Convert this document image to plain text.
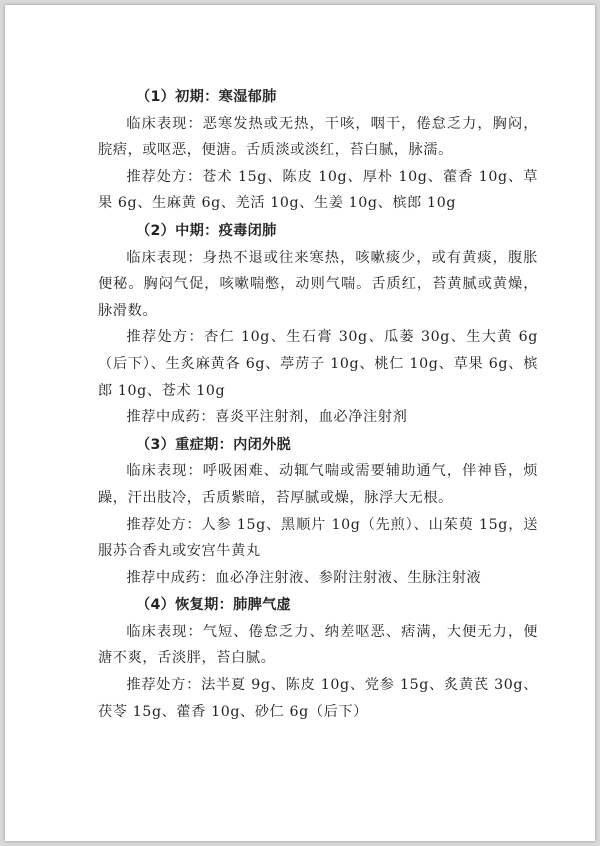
（1）初期：寒湿郁肺
临床表现：恶寒发热或无热，干咳，咽干，倦怠乏力，胸闷，脘痞，或呕恶，便溏。舌质淡或淡红，苔白腻，脉濡。
推荐处方：苍术 15g、陈皮 10g、厚朴 10g、藿香 10g、草果 6g、生麻黄 6g、羌活 10g、生姜 10g、槟郎 10g
（2）中期：疫毒闭肺
临床表现：身热不退或往来寒热，咳嗽痰少，或有黄痰，腹胀便秘。胸闷气促，咳嗽喘憋，动则气喘。舌质红，苔黄腻或黄燥，脉滑数。
推荐处方：杏仁 10g、生石膏 30g、瓜蒌 30g、生大黄 6g（后下）、生炙麻黄各 6g、葶苈子 10g、桃仁 10g、草果 6g、槟郎 10g、苍术 10g
推荐中成药：喜炎平注射剂，血必净注射剂
（3）重症期：内闭外脱
临床表现：呼吸困难、动辄气喘或需要辅助通气，伴神昏，烦躁，汗出肢冷，舌质紫暗，苔厚腻或燥，脉浮大无根。
推荐处方：人参 15g、黑顺片 10g（先煎）、山茱萸 15g，送服苏合香丸或安宫牛黄丸
推荐中成药：血必净注射液、参附注射液、生脉注射液
（4）恢复期：肺脾气虚
临床表现：气短、倦怠乏力、纳差呕恶、痞满，大便无力，便溏不爽，舌淡胖，苔白腻。
推荐处方：法半夏 9g、陈皮 10g、党参 15g、炙黄芪 30g、茯苓 15g、藿香 10g、砂仁 6g（后下）
